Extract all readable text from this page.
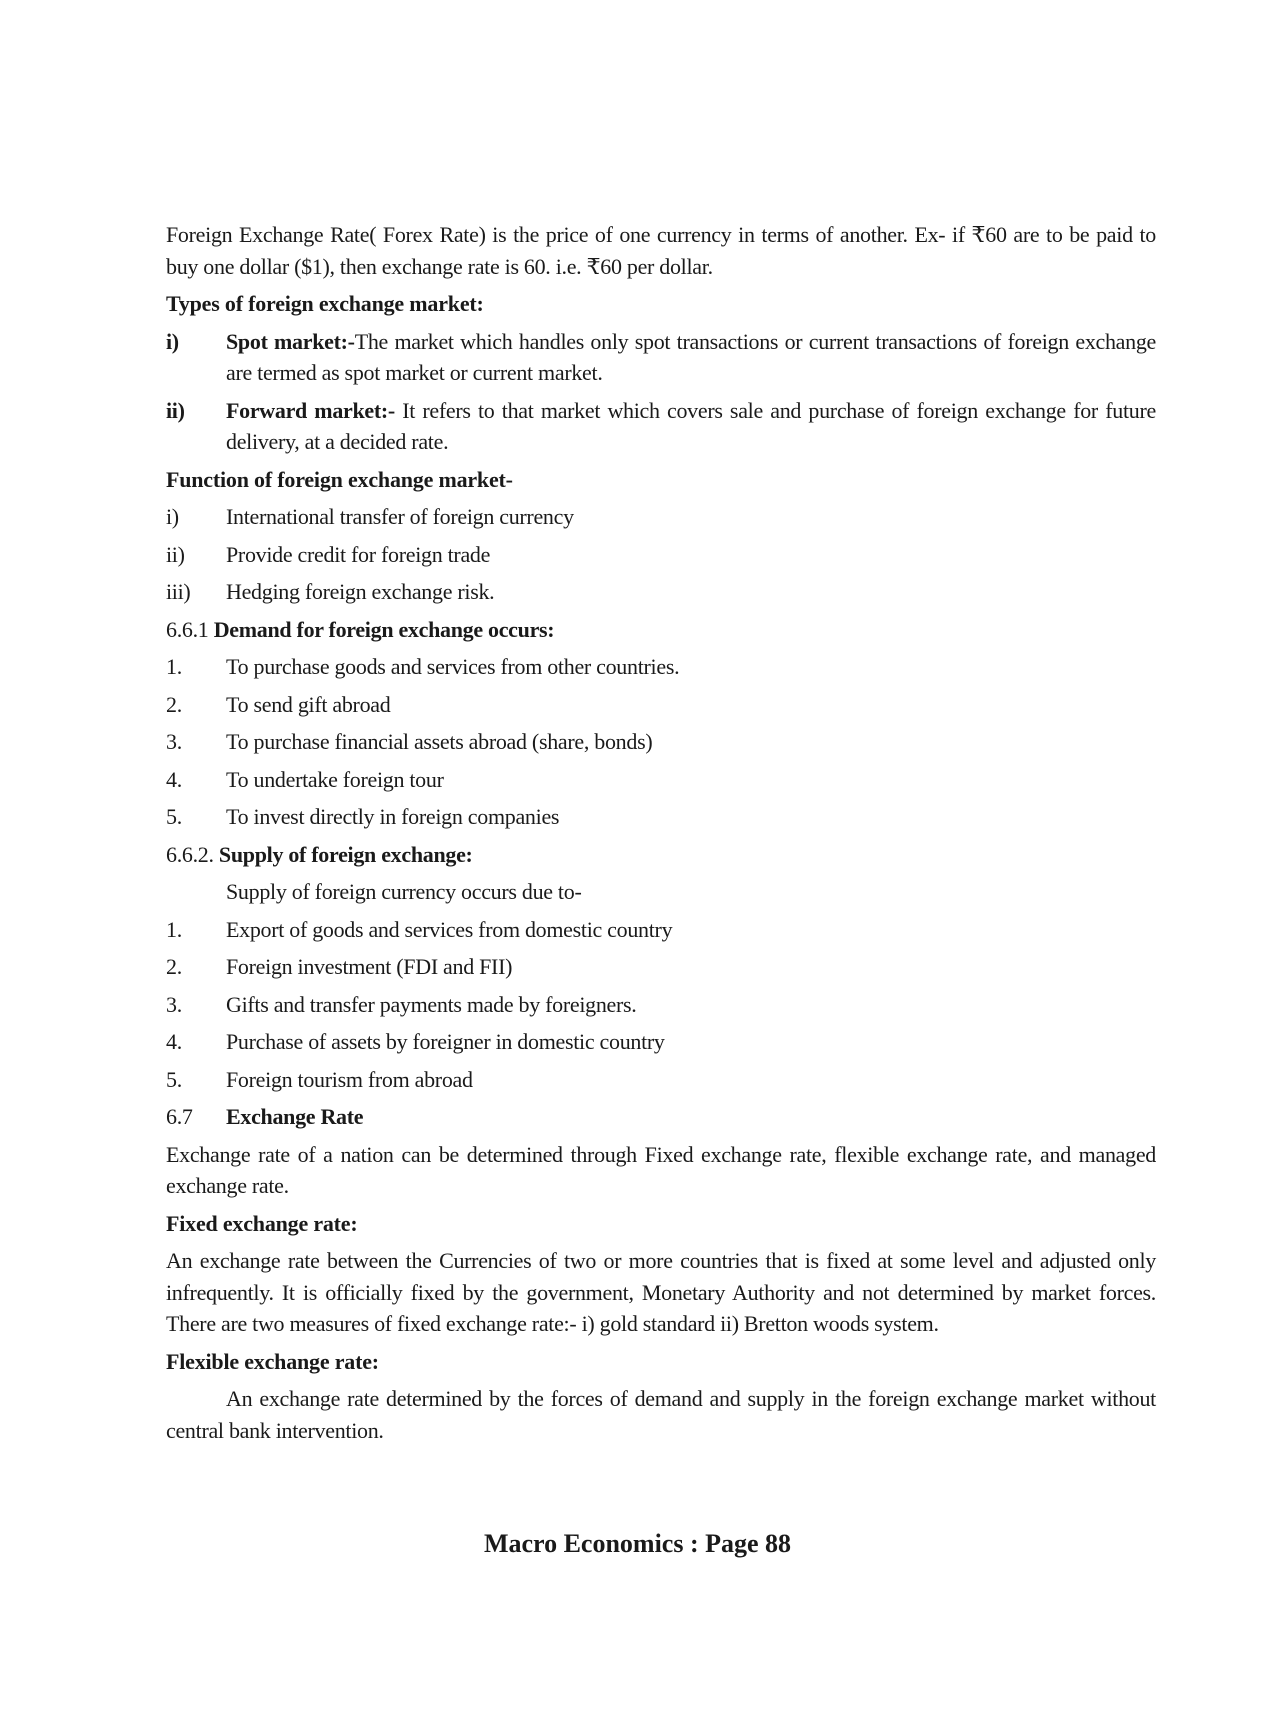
Foreign Exchange Rate( Forex Rate) is the price of one currency in terms of another. Ex- if ₹60 are to be paid to buy one dollar ($1), then exchange rate is 60. i.e. ₹60 per dollar.

Types of foreign exchange market:
i)	Spot market:-The market which handles only spot transactions or current transactions of foreign exchange are termed as spot market or current market.
ii)	Forward market:- It refers to that market which covers sale and purchase of foreign exchange for future delivery, at a decided rate.
Function of foreign exchange market-
i)	International transfer of foreign currency
ii)	Provide credit for foreign trade
iii)	Hedging foreign exchange risk.
6.6.1 Demand for foreign exchange occurs:
1.	To purchase goods and services from other countries.
2.	To send gift abroad
3.	To purchase financial assets abroad (share, bonds)
4.	To undertake foreign tour
5.	To invest directly in foreign companies
6.6.2. Supply of foreign exchange:
Supply of foreign currency occurs due to-
1.	Export of goods and services from domestic country
2.	Foreign investment (FDI and FII)
3.	Gifts and transfer payments made by foreigners.
4.	Purchase of assets by foreigner in domestic country
5.	Foreign tourism from abroad
6.7	Exchange Rate

Exchange rate of a nation can be determined through Fixed exchange rate, flexible exchange rate, and managed exchange rate.

Fixed exchange rate:

An exchange rate between the Currencies of two or more countries that is fixed at some level and adjusted only infrequently. It is officially fixed by the government, Monetary Authority and not determined by market forces. There are two measures of fixed exchange rate:- i) gold standard ii) Bretton woods system.

Flexible exchange rate:

An exchange rate determined by the forces of demand and supply in the foreign exchange market without central bank intervention.

Macro Economics : Page 88
